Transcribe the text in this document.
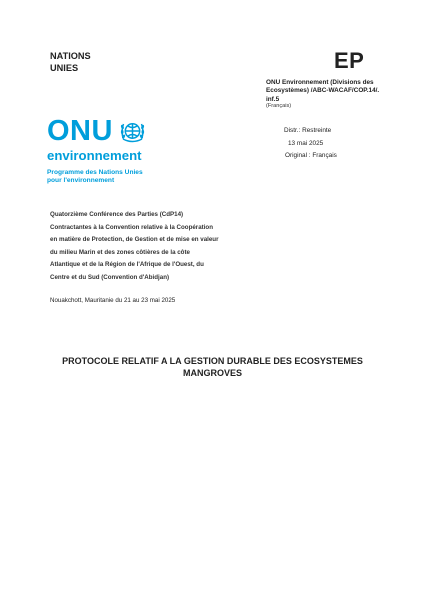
NATIONS
UNIES	EP
ONU Environnement (Divisions des
Ecosystèmes) /ABC-WACAF/COP.14/.
inf.5
(Français)
ONU
environnement
Programme des Nations Unies
pour l'environnement
Distr.: Restreinte
13 mai 2025
Original : Français
Quatorzième Conférence des Parties (CdP14)
Contractantes à la Convention relative à la Coopération
en matière de Protection, de Gestion et de mise en valeur
du milieu Marin et des zones côtières de la côte
Atlantique et de la Région de l'Afrique de l'Ouest, du
Centre et du Sud (Convention d'Abidjan)
Nouakchott, Mauritanie du 21 au 23 mai 2025
PROTOCOLE RELATIF A LA GESTION DURABLE DES ECOSYSTEMES
MANGROVES
